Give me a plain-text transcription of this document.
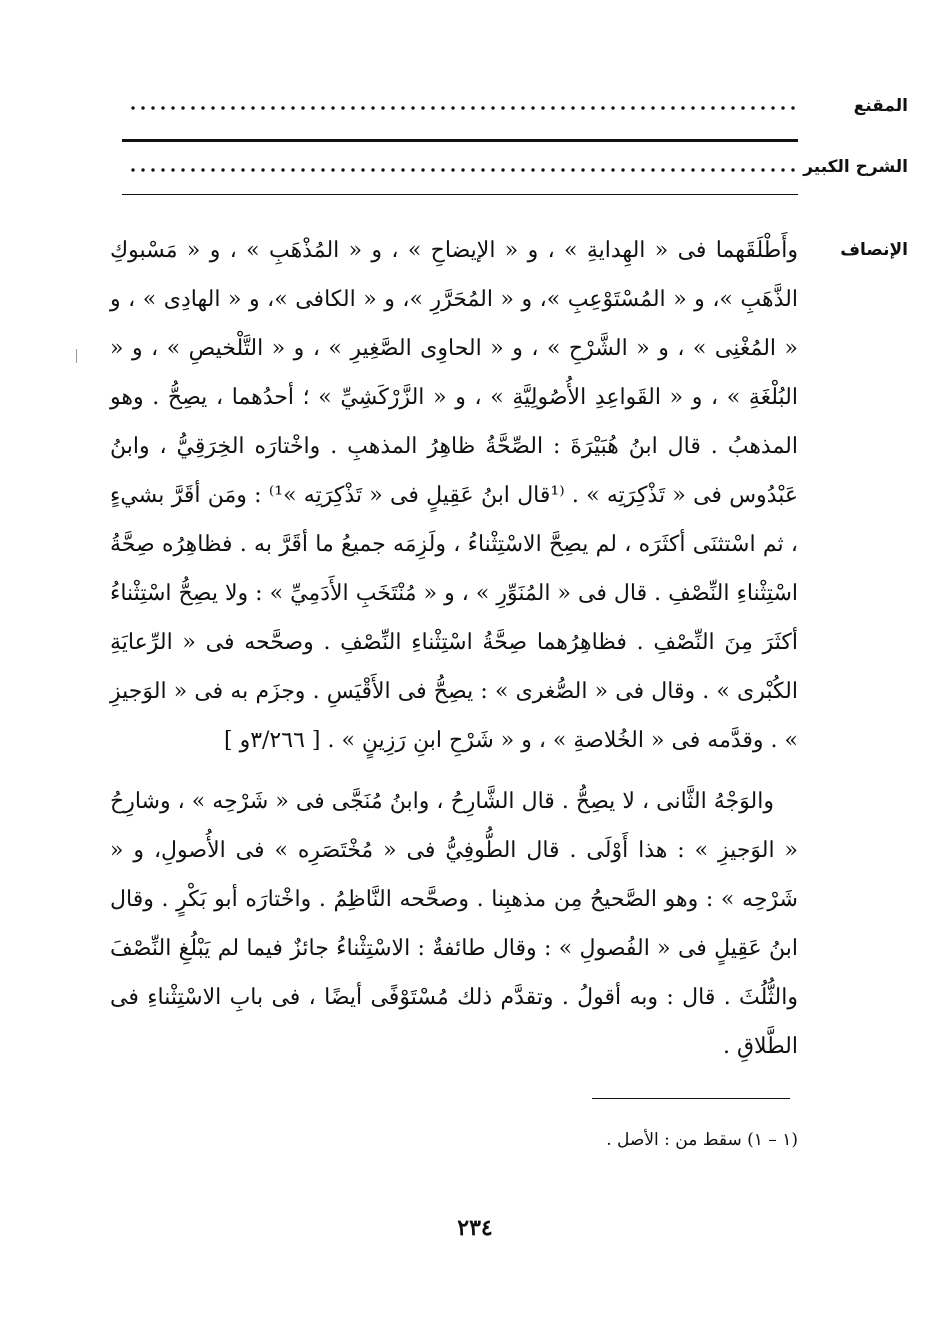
المقنع
الشرح الكبير
الإنصاف

وأَطْلَقَهما فى « الهِدايةِ » ، و « الإيضاحِ » ، و « المُذْهَبِ » ، و « مَسْبوكِ الذَّهَبِ »، و « المُسْتَوْعِبِ »، و « المُحَرَّرِ »، و « الكافى »، و « الهادِى » ، و « المُغْنِى » ، و « الشَّرْحِ » ، و « الحاوِى الصَّغِيرِ » ، و « التَّلْخيصِ » ، و « البُلْغَةِ » ، و « القَواعِدِ الأُصُولِيَّةِ » ، و « الزَّرْكَشِيِّ » ؛ أحدُهما ، يصِحُّ . وهو المذهبُ . قال ابنُ هُبَيْرَةَ : الصِّحَّةُ ظاهِرُ المذهبِ . واخْتارَه الخِرَقِيُّ ، وابنُ عَبْدُوس فى « تَذْكِرَتِه » . ⁽¹قال ابنُ عَقِيلٍ فى « تَذْكِرَتِه »¹⁾ : ومَن أقَرَّ بشيءٍ ، ثم اسْتثنَى أكثَرَه ، لم يصِحَّ الاسْتِثْناءُ ، ولَزِمَه جميعُ ما أقَرَّ به . فظاهِرُه صِحَّةُ اسْتِثْناءِ النِّصْفِ . قال فى « المُنَوِّرِ » ، و « مُنْتَخَبِ الأَدَمِيِّ » : ولا يصِحُّ اسْتِثْناءُ أكثَرَ مِنَ النِّصْفِ . فظاهِرُهما صِحَّةُ اسْتِثْناءِ النِّصْفِ . وصحَّحه فى « الرِّعايَةِ الكُبْرى » . وقال فى « الصُّغرى » : يصِحُّ فى الأَقْيَسِ . وجزَم به فى « الوَجيزِ » . وقدَّمه فى « الخُلاصةِ » ، و « شَرْحِ ابنِ رَزِينٍ » . [ ٣/٢٦٦و ]

والوَجْهُ الثَّانى ، لا يصِحُّ . قال الشَّارِحُ ، وابنُ مُنَجَّى فى « شَرْحِه » ، وشارِحُ « الوَجيزِ » : هذا أَوْلَى . قال الطُّوفِيُّ فى « مُخْتَصَرِه » فى الأُصولِ، و « شَرْحِه » : وهو الصَّحيحُ مِن مذهبِنا . وصحَّحه النَّاظِمُ . واخْتارَه أبو بَكْرٍ . وقال ابنُ عَقِيلٍ فى « الفُصولِ » : وقال طائفةٌ : الاسْتِثْناءُ جائزٌ فيما لم يَبْلُغِ النِّصْفَ والثُّلُثَ . قال : وبه أقولُ . وتقدَّم ذلك مُسْتَوْفًى أيضًا ، فى بابِ الاسْتِثْناءِ فى الطَّلاقِ .

(١ – ١) سقط من : الأصل .
٢٣٤
